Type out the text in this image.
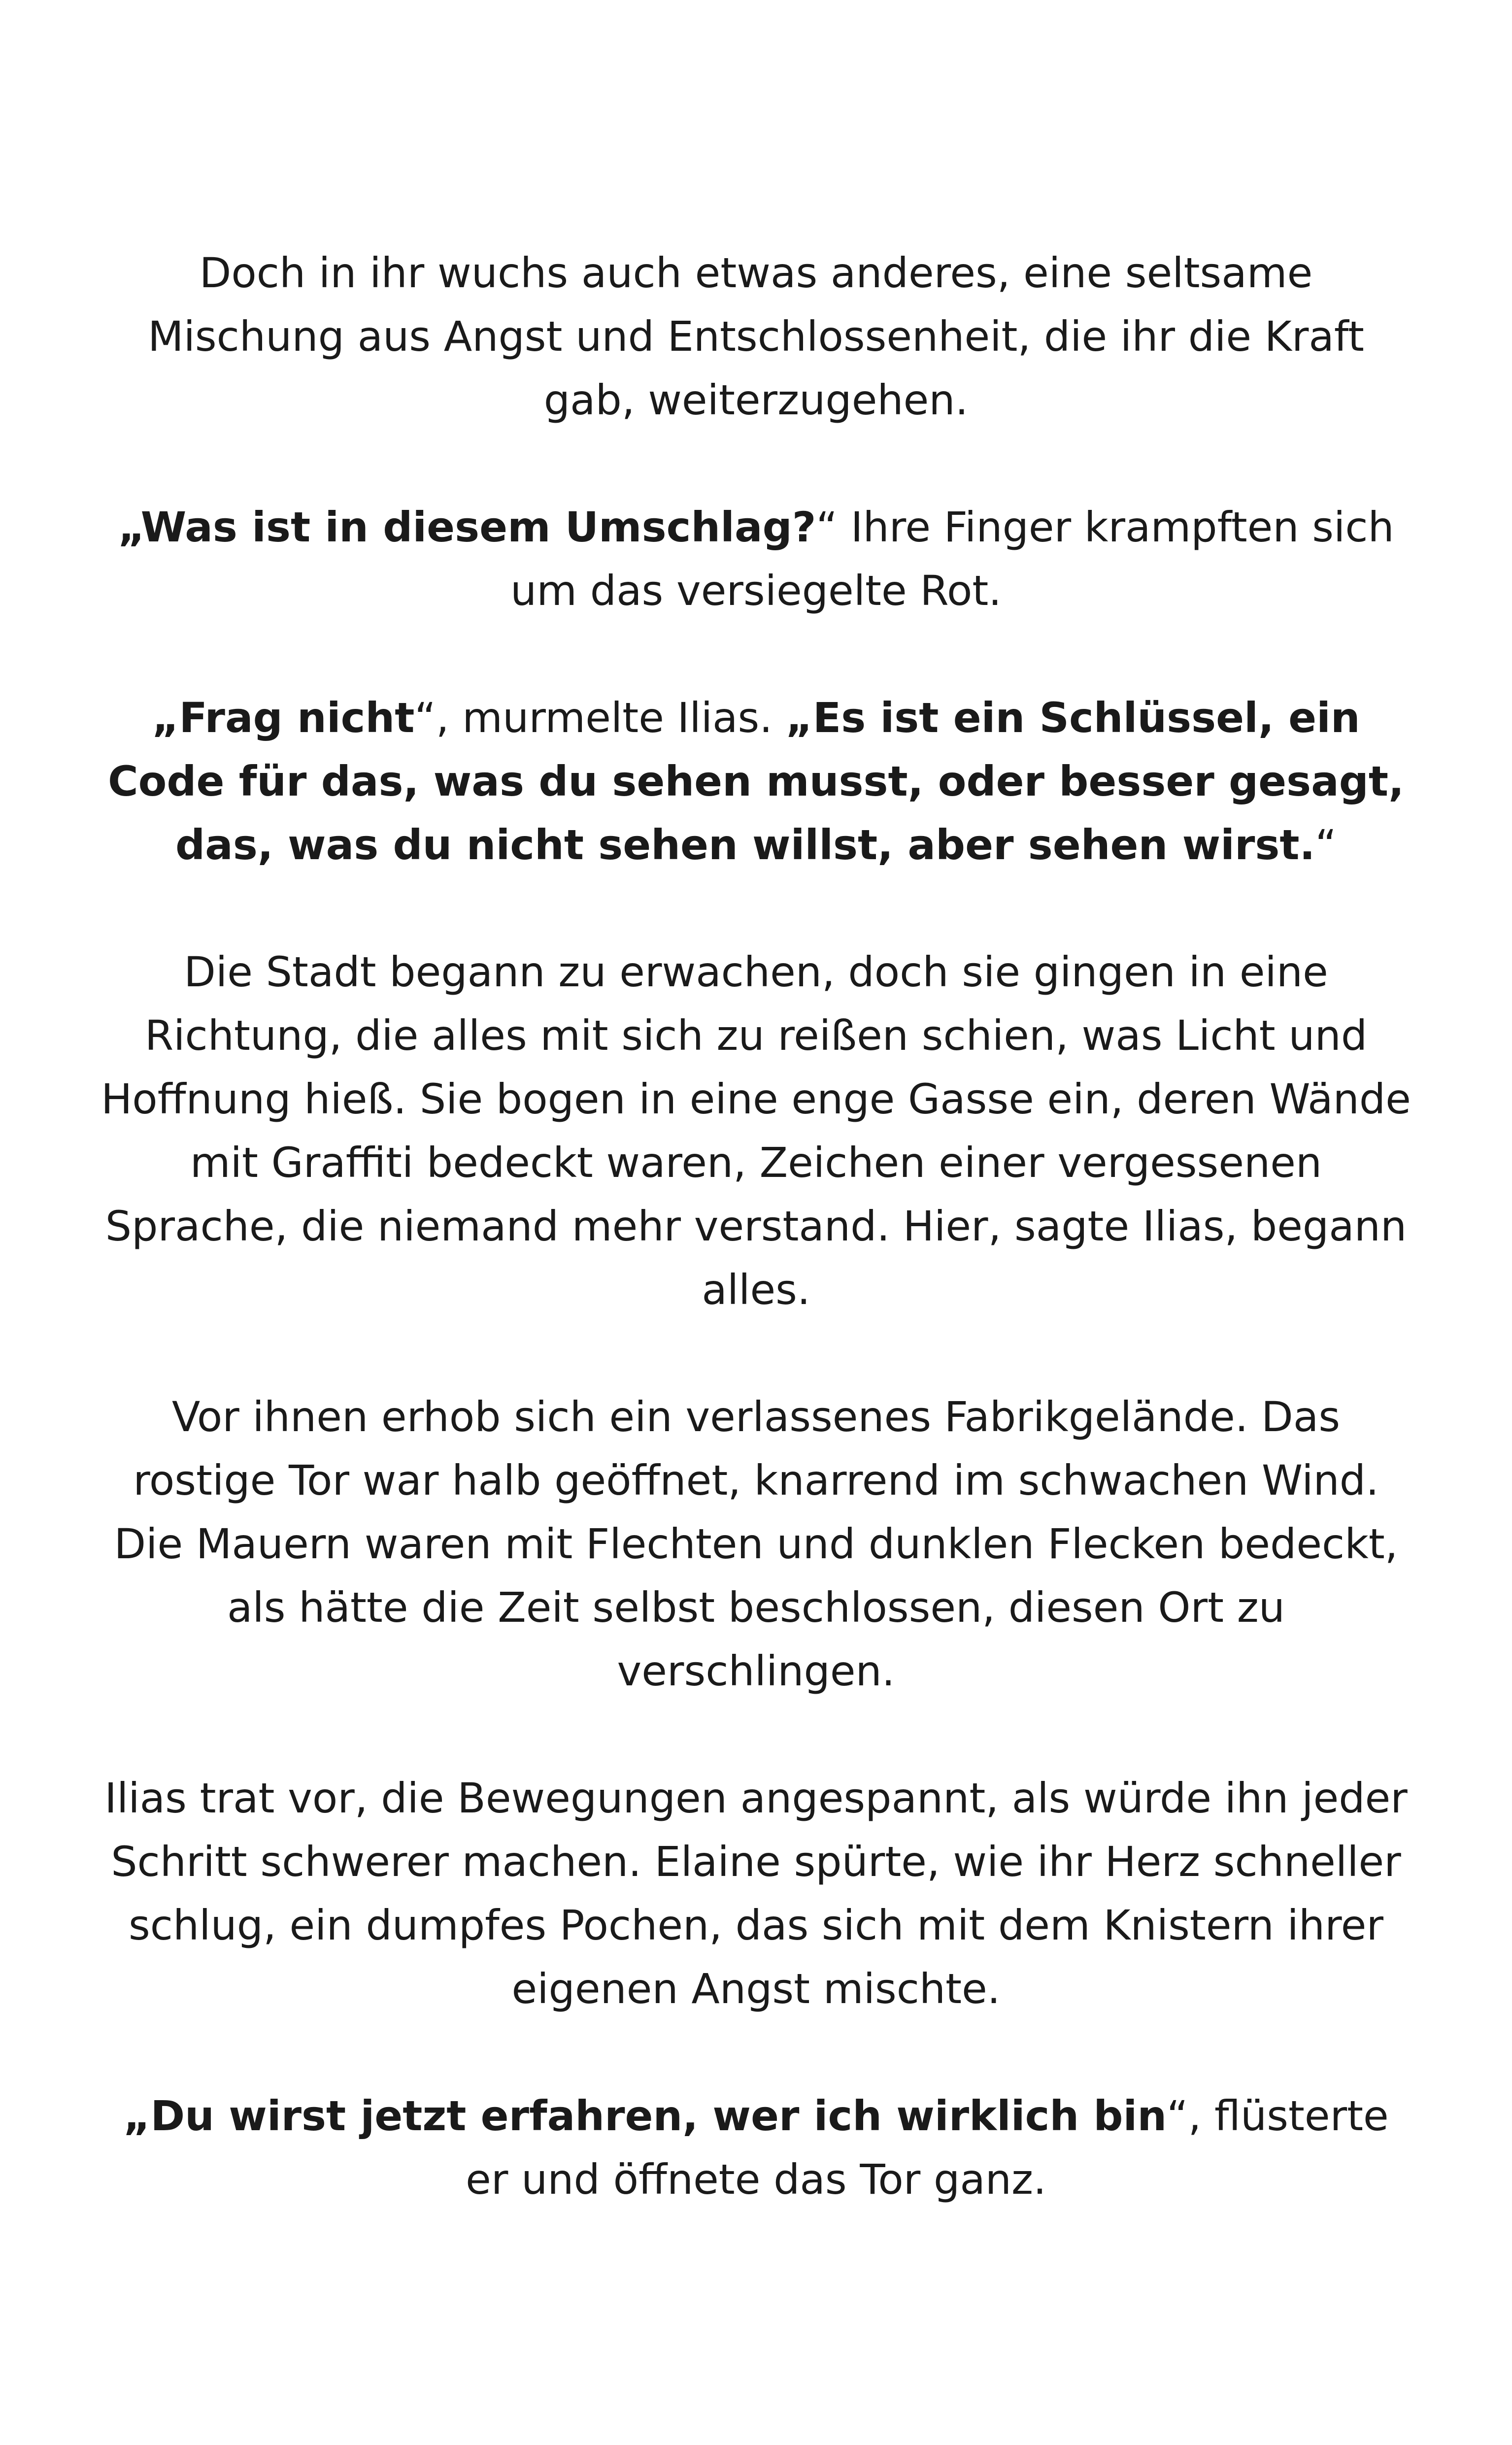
Doch in ihr wuchs auch etwas anderes, eine seltsame Mischung aus Angst und Entschlossenheit, die ihr die Kraft gab, weiterzugehen.

„Was ist in diesem Umschlag?“ Ihre Finger krampften sich um das versiegelte Rot.

„Frag nicht“, murmelte Ilias. „Es ist ein Schlüssel, ein Code für das, was du sehen musst, oder besser gesagt, das, was du nicht sehen willst, aber sehen wirst.“

Die Stadt begann zu erwachen, doch sie gingen in eine Richtung, die alles mit sich zu reißen schien, was Licht und Hoffnung hieß. Sie bogen in eine enge Gasse ein, deren Wände mit Graffiti bedeckt waren, Zeichen einer vergessenen Sprache, die niemand mehr verstand. Hier, sagte Ilias, begann alles.

Vor ihnen erhob sich ein verlassenes Fabrikgelände. Das rostige Tor war halb geöffnet, knarrend im schwachen Wind. Die Mauern waren mit Flechten und dunklen Flecken bedeckt, als hätte die Zeit selbst beschlossen, diesen Ort zu verschlingen.

Ilias trat vor, die Bewegungen angespannt, als würde ihn jeder Schritt schwerer machen. Elaine spürte, wie ihr Herz schneller schlug, ein dumpfes Pochen, das sich mit dem Knistern ihrer eigenen Angst mischte.

„Du wirst jetzt erfahren, wer ich wirklich bin“, flüsterte er und öffnete das Tor ganz.
